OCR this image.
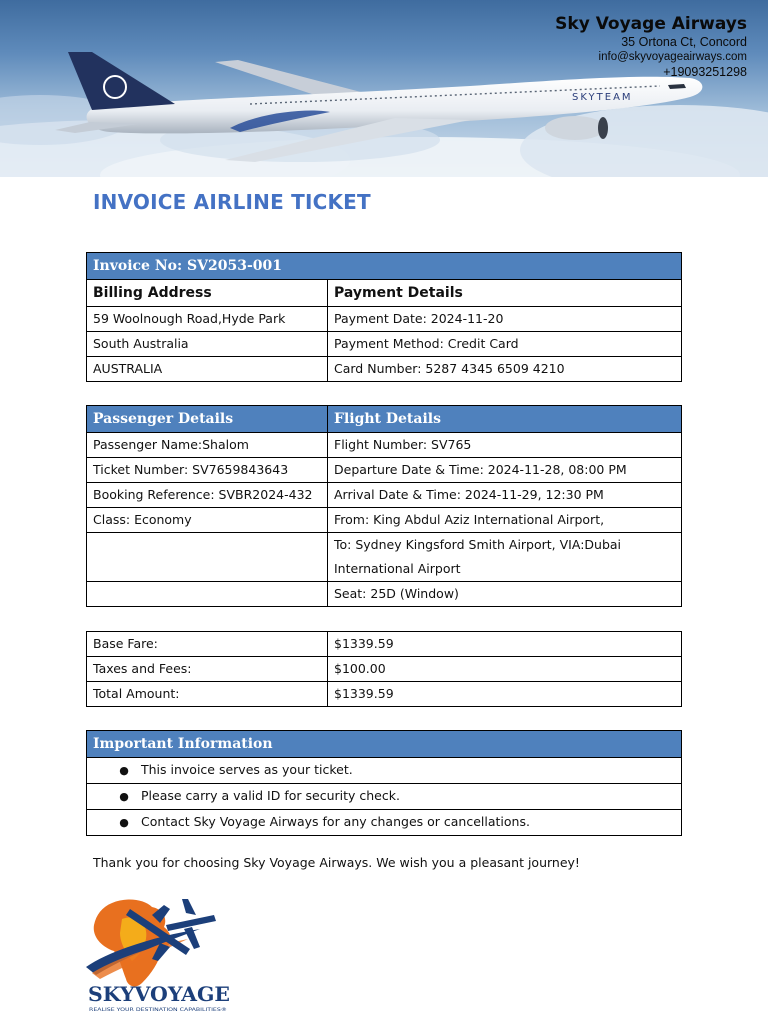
SKYTEAM
Sky Voyage Airways
35 Ortona Ct, Concord
info@skyvoyageairways.com
+19093251298
INVOICE AIRLINE TICKET
Invoice No: SV2053-001	
Billing Address	Payment Details
59 Woolnough Road,Hyde Park	Payment Date: 2024-11-20
South Australia	Payment Method: Credit Card
AUSTRALIA	Card Number: 5287 4345 6509 4210
Passenger Details	Flight Details
Passenger Name:Shalom	Flight Number: SV765
Ticket Number: SV7659843643	Departure Date & Time: 2024-11-28, 08:00 PM
Booking Reference: SVBR2024-432	Arrival Date & Time: 2024-11-29, 12:30 PM
Class: Economy	From: King Abdul Aziz International Airport,
	To: Sydney Kingsford Smith Airport, VIA:Dubai International Airport
	Seat: 25D (Window)
Base Fare:	$1339.59
Taxes and Fees:	$100.00
Total Amount:	$1339.59
Important Information
● This invoice serves as your ticket.
● Please carry a valid ID for security check.
● Contact Sky Voyage Airways for any changes or cancellations.

Thank you for choosing Sky Voyage Airways. We wish you a pleasant journey!

SKYVOYAGE
REALISE YOUR DESTINATION CAPABILITIES®
